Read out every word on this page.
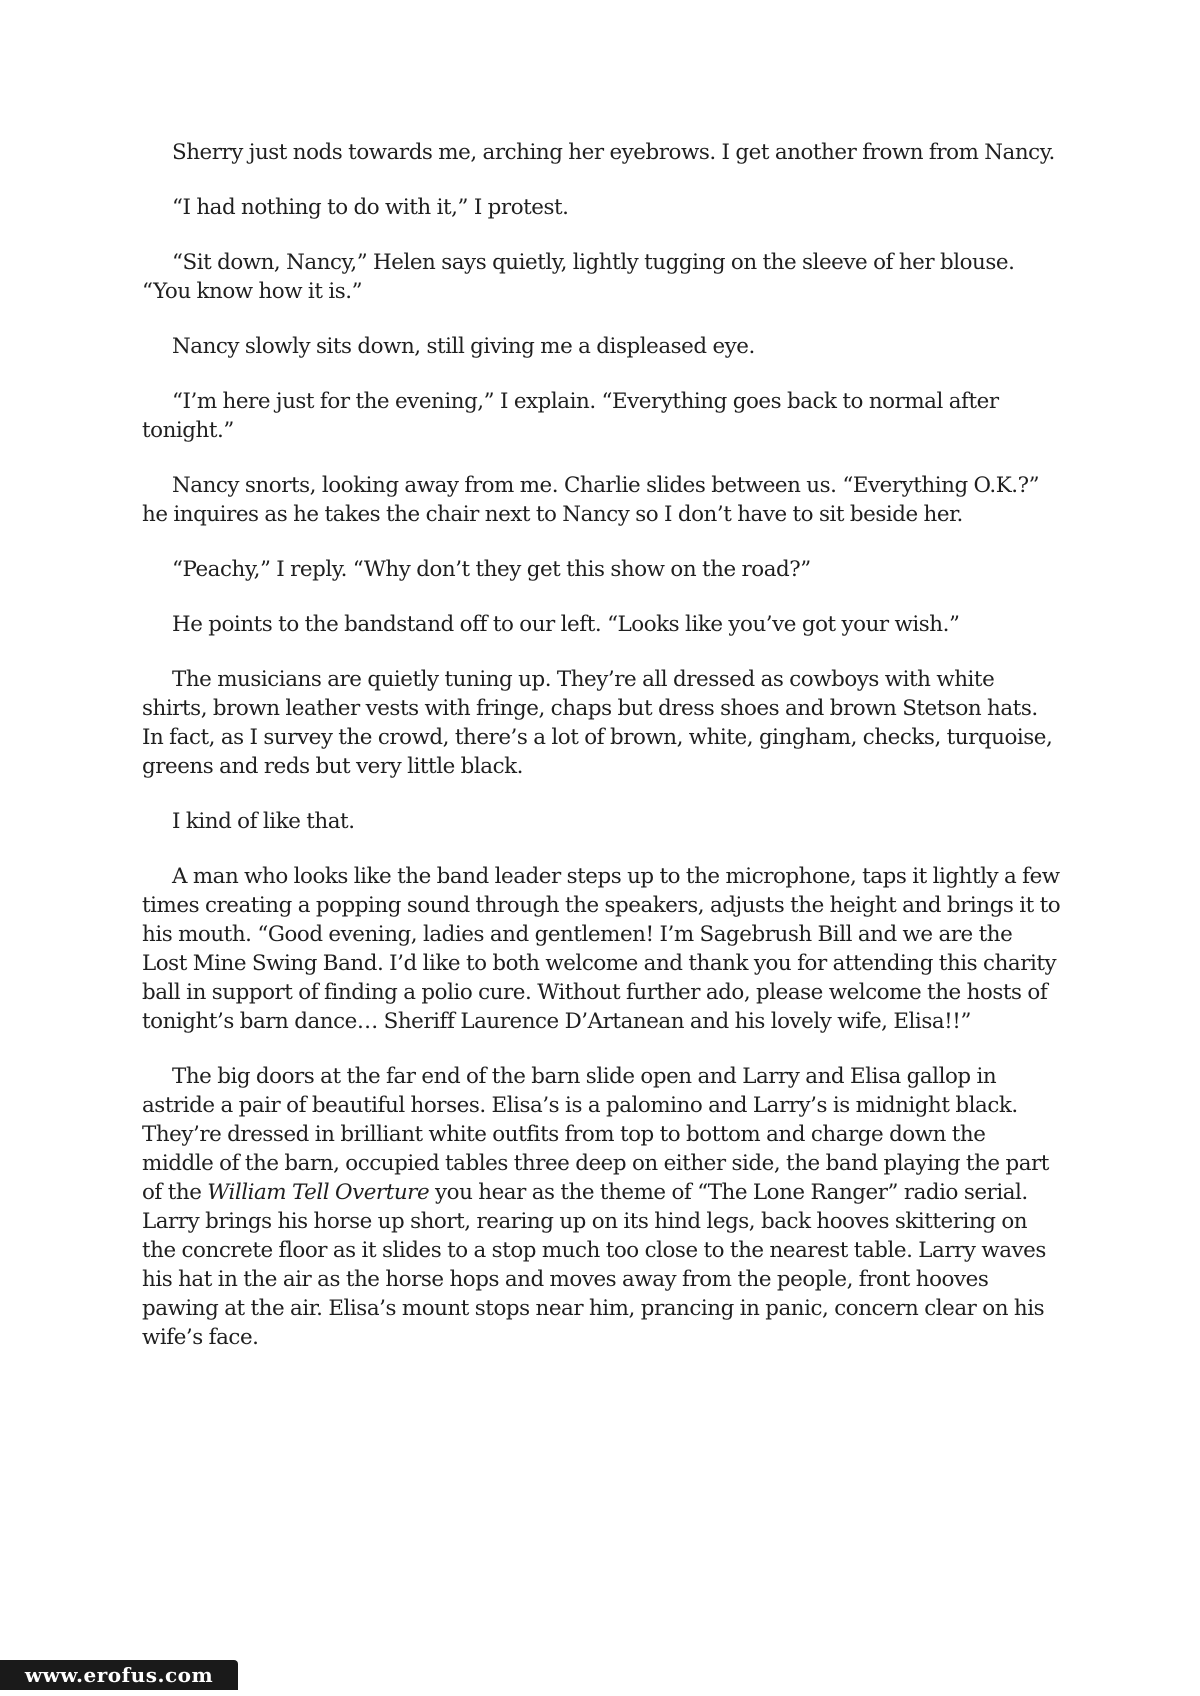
Sherry just nods towards me, arching her eyebrows. I get another frown from Nancy.

“I had nothing to do with it,” I protest.

“Sit down, Nancy,” Helen says quietly, lightly tugging on the sleeve of her blouse. “You know how it is.”

Nancy slowly sits down, still giving me a displeased eye.

“I’m here just for the evening,” I explain. “Everything goes back to normal after tonight.”

Nancy snorts, looking away from me. Charlie slides between us. “Everything O.K.?” he inquires as he takes the chair next to Nancy so I don’t have to sit beside her.

“Peachy,” I reply. “Why don’t they get this show on the road?”

He points to the bandstand off to our left. “Looks like you’ve got your wish.”

The musicians are quietly tuning up. They’re all dressed as cowboys with white shirts, brown leather vests with fringe, chaps but dress shoes and brown Stetson hats. In fact, as I survey the crowd, there’s a lot of brown, white, gingham, checks, turquoise, greens and reds but very little black.

I kind of like that.

A man who looks like the band leader steps up to the microphone, taps it lightly a few times creating a popping sound through the speakers, adjusts the height and brings it to his mouth. “Good evening, ladies and gentlemen! I’m Sagebrush Bill and we are the Lost Mine Swing Band. I’d like to both welcome and thank you for attending this charity ball in support of finding a polio cure. Without further ado, please welcome the hosts of tonight’s barn dance… Sheriff Laurence D’Artanean and his lovely wife, Elisa!!”

The big doors at the far end of the barn slide open and Larry and Elisa gallop in astride a pair of beautiful horses. Elisa’s is a palomino and Larry’s is midnight black. They’re dressed in brilliant white outfits from top to bottom and charge down the middle of the barn, occupied tables three deep on either side, the band playing the part of the William Tell Overture you hear as the theme of “The Lone Ranger” radio serial. Larry brings his horse up short, rearing up on its hind legs, back hooves skittering on the concrete floor as it slides to a stop much too close to the nearest table. Larry waves his hat in the air as the horse hops and moves away from the people, front hooves pawing at the air. Elisa’s mount stops near him, prancing in panic, concern clear on his wife’s face.

www.erofus.com
